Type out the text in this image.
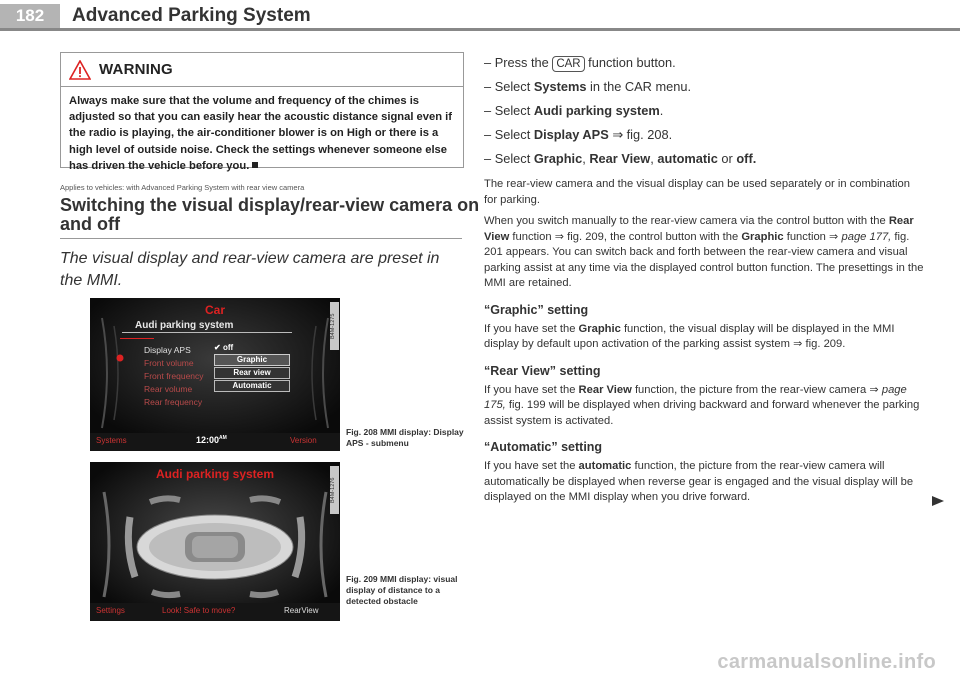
182	Advanced Parking System
WARNING
Always make sure that the volume and frequency of the chimes is adjusted so that you can easily hear the acoustic distance signal even if the radio is playing, the air-conditioner blower is on High or there is a high level of outside noise. Check the settings whenever someone else has driven the vehicle before you.
Applies to vehicles: with Advanced Parking System with rear view camera
Switching the visual display/rear-view camera on and off
The visual display and rear-view camera are preset in the MMI.
Car
Audi parking system
Display APS
Front volume
Front frequency
Rear volume
Rear frequency
✔ off
Graphic
Rear view
Automatic
Systems	$12:00^{AM}$	Version
B4M-1275
Fig. 208 MMI display: Display APS - submenu
Audi parking system
Settings	Look! Safe to move?	RearView
B4M-1276
Fig. 209 MMI display: visual display of distance to a detected obstacle
– Press the CAR function button.
– Select Systems in the CAR menu.
– Select Audi parking system.
– Select Display APS ⇒ fig. 208.
– Select Graphic, Rear View, automatic or off.

The rear-view camera and the visual display can be used separately or in combination for parking.

When you switch manually to the rear-view camera via the control button with the Rear View function ⇒ fig. 209, the control button with the Graphic function ⇒ page 177, fig. 201 appears. You can switch back and forth between the rear-view camera and visual parking assist at any time via the displayed control button function. The presettings in the MMI are retained.

“Graphic” setting

If you have set the Graphic function, the visual display will be displayed in the MMI display by default upon activation of the parking assist system ⇒ fig. 209.

“Rear View” setting

If you have set the Rear View function, the picture from the rear-view camera ⇒ page 175, fig. 199 will be displayed when driving backward and forward whenever the parking assist system is activated.

“Automatic” setting

If you have set the automatic function, the picture from the rear-view camera will automatically be displayed when reverse gear is engaged and the visual display will be displayed on the MMI display when you drive forward.

carmanualsonline.info
